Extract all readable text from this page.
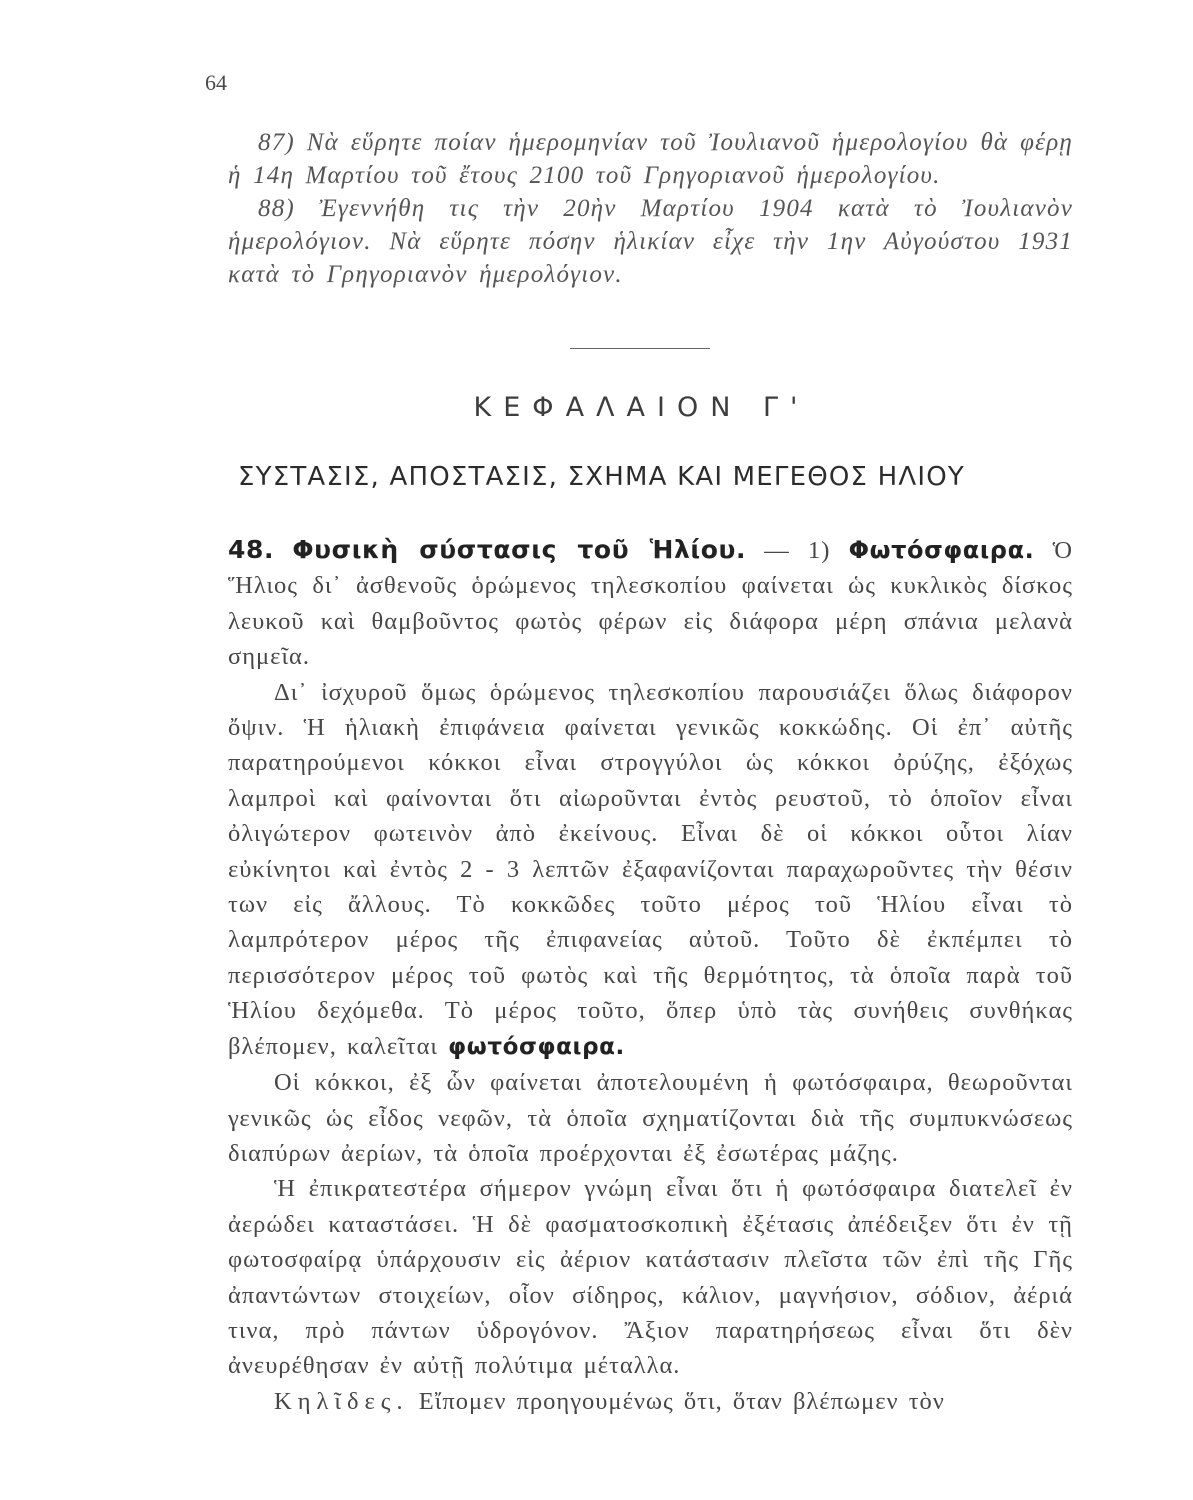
64

87) Νὰ εὕρητε ποίαν ἡμερομηνίαν τοῦ Ἰουλιανοῦ ἡμερολογίου θὰ φέρῃ ἡ 14η Μαρτίου τοῦ ἔτους 2100 τοῦ Γρηγοριανοῦ ἡμερολογίου.

88) Ἐγεννήθη τις τὴν 20ὴν Μαρτίου 1904 κατὰ τὸ Ἰουλιανὸν ἡμερολόγιον. Νὰ εὕρητε πόσην ἡλικίαν εἶχε τὴν 1ην Αὐγούστου 1931 κατὰ τὸ Γρηγοριανὸν ἡμερολόγιον.

ΚΕΦΑΛΑΙΟΝ Γ'
ΣΥΣΤΑΣΙΣ, ΑΠΟΣΤΑΣΙΣ, ΣΧΗΜΑ ΚΑΙ ΜΕΓΕΘΟΣ ΗΛΙΟΥ

48. Φυσικὴ σύστασις τοῦ Ἡλίου. — 1) Φωτόσφαιρα. Ὁ Ἥλιος δι᾿ ἀσθενοῦς ὁρώμενος τηλεσκοπίου φαίνεται ὡς κυκλικὸς δίσκος λευκοῦ καὶ θαμβοῦντος φωτὸς φέρων εἰς διάφορα μέρη σπάνια μελανὰ σημεῖα.

Δι᾿ ἰσχυροῦ ὅμως ὁρώμενος τηλεσκοπίου παρουσιάζει ὅλως διάφορον ὄψιν. Ἡ ἡλιακὴ ἐπιφάνεια φαίνεται γενικῶς κοκκώδης. Οἱ ἐπ᾿ αὐτῆς παρατηρούμενοι κόκκοι εἶναι στρογγύλοι ὡς κόκκοι ὀρύζης, ἐξόχως λαμπροὶ καὶ φαίνονται ὅτι αἰωροῦνται ἐντὸς ρευστοῦ, τὸ ὁποῖον εἶναι ὀλιγώτερον φωτεινὸν ἀπὸ ἐκείνους. Εἶναι δὲ οἱ κόκκοι οὗτοι λίαν εὐκίνητοι καὶ ἐντὸς 2 - 3 λεπτῶν ἐξαφανίζονται παραχωροῦντες τὴν θέσιν των εἰς ἄλλους. Τὸ κοκκῶδες τοῦτο μέρος τοῦ Ἡλίου εἶναι τὸ λαμπρότερον μέρος τῆς ἐπιφανείας αὐτοῦ. Τοῦτο δὲ ἐκπέμπει τὸ περισσότερον μέρος τοῦ φωτὸς καὶ τῆς θερμότητος, τὰ ὁποῖα παρὰ τοῦ Ἡλίου δεχόμεθα. Τὸ μέρος τοῦτο, ὅπερ ὑπὸ τὰς συνήθεις συνθήκας βλέπομεν, καλεῖται φωτόσφαιρα.

Οἱ κόκκοι, ἐξ ὧν φαίνεται ἀποτελουμένη ἡ φωτόσφαιρα, θεωροῦνται γενικῶς ὡς εἶδος νεφῶν, τὰ ὁποῖα σχηματίζονται διὰ τῆς συμπυκνώσεως διαπύρων ἀερίων, τὰ ὁποῖα προέρχονται ἐξ ἐσωτέρας μάζης.

Ἡ ἐπικρατεστέρα σήμερον γνώμη εἶναι ὅτι ἡ φωτόσφαιρα διατελεῖ ἐν ἀερώδει καταστάσει. Ἡ δὲ φασματοσκοπικὴ ἐξέτασις ἀπέδειξεν ὅτι ἐν τῇ φωτοσφαίρᾳ ὑπάρχουσιν εἰς ἀέριον κατάστασιν πλεῖστα τῶν ἐπὶ τῆς Γῆς ἀπαντώντων στοιχείων, οἷον σίδηρος, κάλιον, μαγνήσιον, σόδιον, ἀέριά τινα, πρὸ πάντων ὑδρογόνον. Ἄξιον παρατηρήσεως εἶναι ὅτι δὲν ἀνευρέθησαν ἐν αὐτῇ πολύτιμα μέταλλα.

Κηλῖδες. Εἴπομεν προηγουμένως ὅτι, ὅταν βλέπωμεν τὸν
